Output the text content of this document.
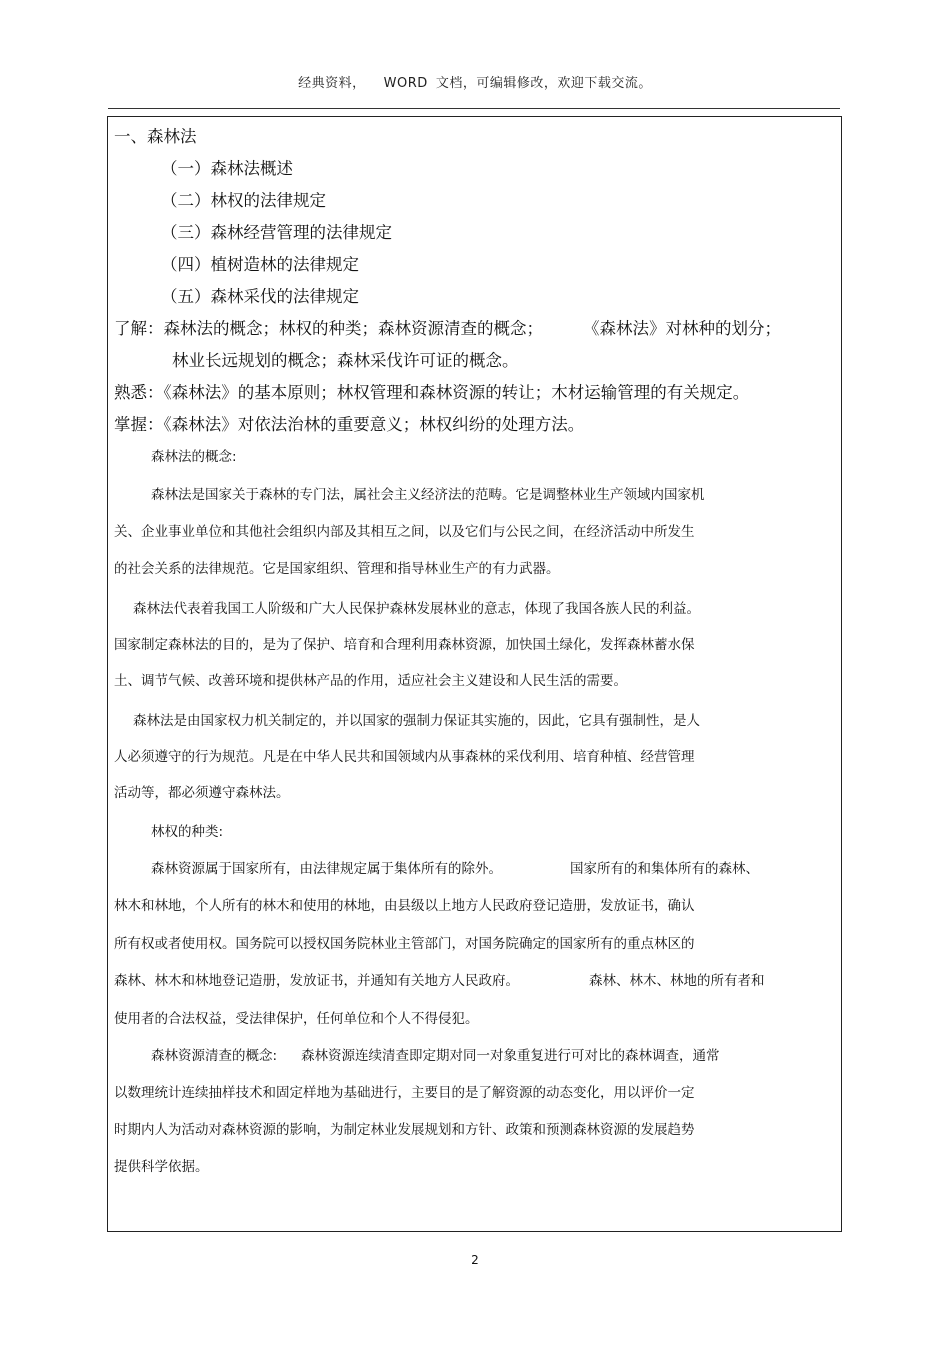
经典资料， WORD 文档，可编辑修改，欢迎下载交流。
一、森林法
（一）森林法概述
（二）林权的法律规定
（三）森林经营管理的法律规定
（四）植树造林的法律规定
（五）森林采伐的法律规定
了解：森林法的概念；林权的种类；森林资源清查的概念； 《森林法》对林种的划分；
林业长远规划的概念；森林采伐许可证的概念。
熟悉：《森林法》的基本原则；林权管理和森林资源的转让；木材运输管理的有关规定。
掌握：《森林法》对依法治林的重要意义；林权纠纷的处理方法。
森林法的概念:
森林法是国家关于森林的专门法，属社会主义经济法的范畴。它是调整林业生产领域内国家机
关、企业事业单位和其他社会组织内部及其相互之间，以及它们与公民之间，在经济活动中所发生
的社会关系的法律规范。它是国家组织、管理和指导林业生产的有力武器。
森林法代表着我国工人阶级和广大人民保护森林发展林业的意志，体现了我国各族人民的利益。
国家制定森林法的目的，是为了保护、培育和合理利用森林资源，加快国土绿化，发挥森林蓄水保
土、调节气候、改善环境和提供林产品的作用，适应社会主义建设和人民生活的需要。
森林法是由国家权力机关制定的，并以国家的强制力保证其实施的，因此，它具有强制性，是人
人必须遵守的行为规范。凡是在中华人民共和国领域内从事森林的采伐利用、培育种植、经营管理
活动等，都必须遵守森林法。
林权的种类:
森林资源属于国家所有，由法律规定属于集体所有的除外。	国家所有的和集体所有的森林、
林木和林地，个人所有的林木和使用的林地，由县级以上地方人民政府登记造册，发放证书，确认
所有权或者使用权。国务院可以授权国务院林业主管部门，对国务院确定的国家所有的重点林区的
森林、林木和林地登记造册，发放证书，并通知有关地方人民政府。	森林、林木、林地的所有者和
使用者的合法权益，受法律保护，任何单位和个人不得侵犯。
森林资源清查的概念: 森林资源连续清查即定期对同一对象重复进行可对比的森林调查，通常
以数理统计连续抽样技术和固定样地为基础进行，主要目的是了解资源的动态变化，用以评价一定
时期内人为活动对森林资源的影响，为制定林业发展规划和方针、政策和预测森林资源的发展趋势
提供科学依据。
2
